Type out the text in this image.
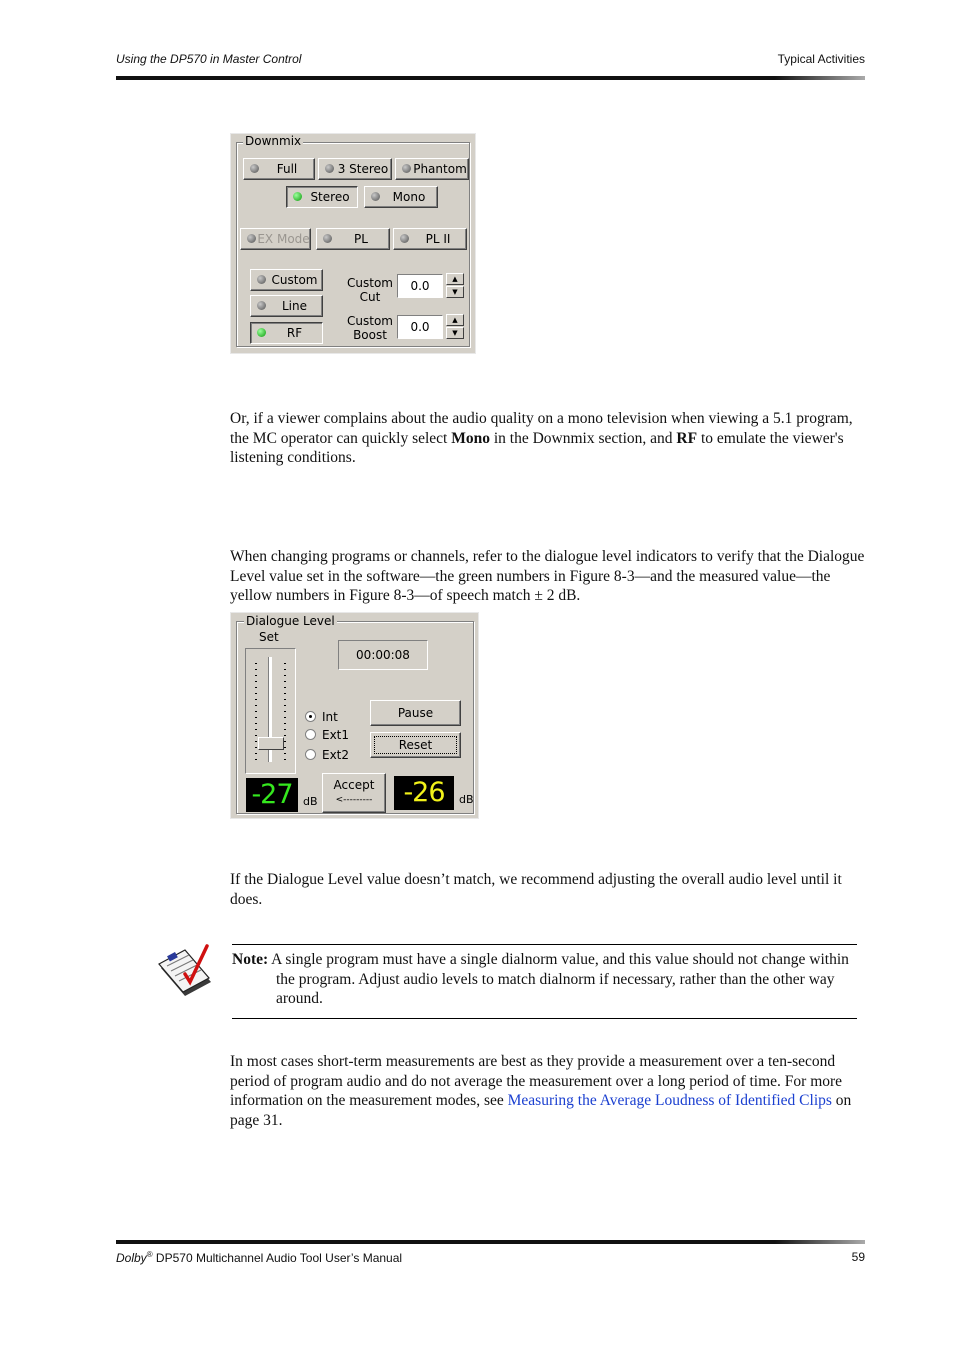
Using the DP570 in Master Control	Typical Activities
Downmix
Full	3 Stereo Phantom
Stereo	Mono
EX Mode	PL	PL II
Custom
Line
RF
Custom
Cut
0.0	▲
▼
Custom
Boost
0.0	▲
▼
Or, if a viewer complains about the audio quality on a mono television when viewing a 5.1 program, the MC operator can quickly select Mono in the Downmix section, and RF to emulate the viewer's listening conditions.
When changing programs or channels, refer to the dialogue level indicators to verify that the Dialogue Level value set in the software—the green numbers in Figure 8-3—and the measured value—the yellow numbers in Figure 8-3—of speech match ± 2 dB.
Dialogue Level
Set
-27 dB
00:00:08
Int
Ext1
Ext2
Pause
Reset
Accept
<---------	-26	dB
If the Dialogue Level value doesn’t match, we recommend adjusting the overall audio level until it does.
Note: A single program must have a single dialnorm value, and this value should not change within the program. Adjust audio levels to match dialnorm if necessary, rather than the other way around.
In most cases short-term measurements are best as they provide a measurement over a ten-second period of program audio and do not average the measurement over a long period of time. For more information on the measurement modes, see Measuring the Average Loudness of Identified Clips on page 31.
Dolby® DP570 Multichannel Audio Tool User’s Manual	59
